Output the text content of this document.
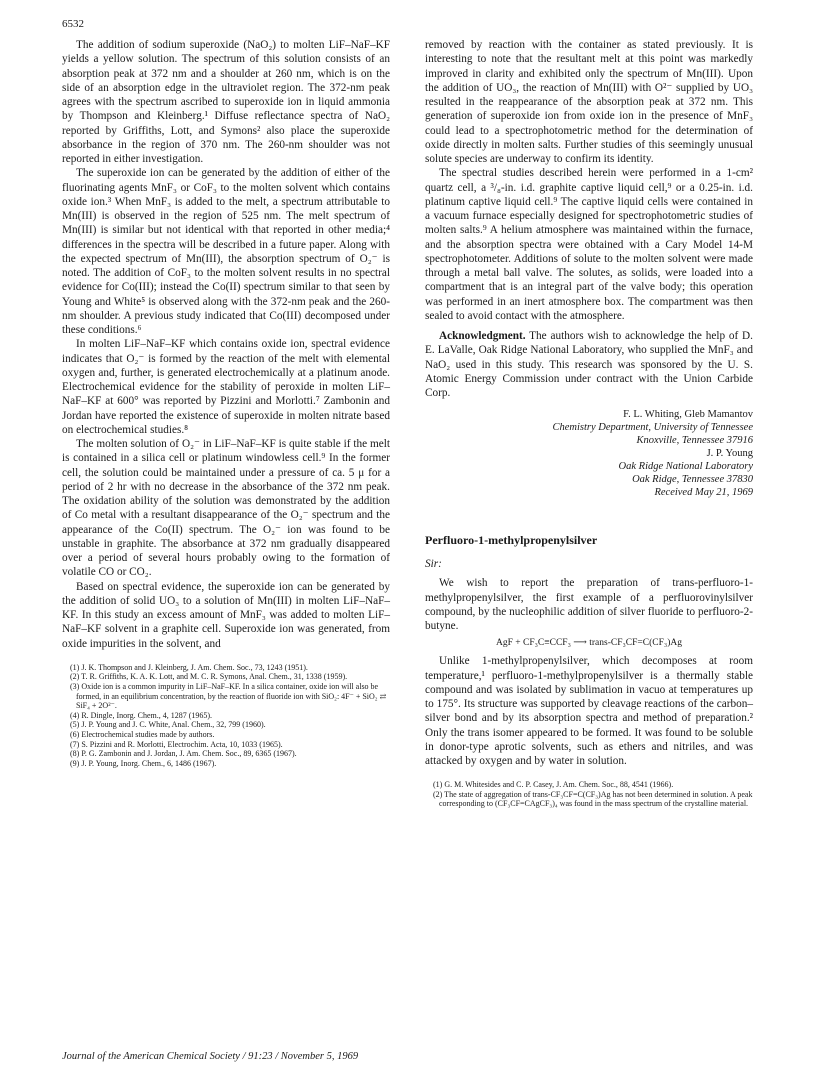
6532

The addition of sodium superoxide (NaO₂) to molten LiF–NaF–KF yields a yellow solution. The spectrum of this solution consists of an absorption peak at 372 nm and a shoulder at 260 nm, which is on the side of an absorption edge in the ultraviolet region. The 372-nm peak agrees with the spectrum ascribed to superoxide ion in liquid ammonia by Thompson and Kleinberg.¹ Diffuse reflectance spectra of NaO₂ reported by Griffiths, Lott, and Symons² also place the superoxide absorbance in the region of 370 nm. The 260-nm shoulder was not reported in either investigation.

The superoxide ion can be generated by the addition of either of the fluorinating agents MnF₃ or CoF₃ to the molten solvent which contains oxide ion.³ When MnF₃ is added to the melt, a spectrum attributable to Mn(III) is observed in the region of 525 nm. The melt spectrum of Mn(III) is similar but not identical with that reported in other media;⁴ differences in the spectra will be described in a future paper. Along with the expected spectrum of Mn(III), the absorption spectrum of O₂⁻ is noted. The addition of CoF₃ to the molten solvent results in no spectral evidence for Co(III); instead the Co(II) spectrum similar to that seen by Young and White⁵ is observed along with the 372-nm peak and the 260-nm shoulder. A previous study indicated that Co(III) decomposed under these conditions.⁶

In molten LiF–NaF–KF which contains oxide ion, spectral evidence indicates that O₂⁻ is formed by the reaction of the melt with elemental oxygen and, further, is generated electrochemically at a platinum anode. Electrochemical evidence for the stability of peroxide in molten LiF–NaF–KF at 600° was reported by Pizzini and Morlotti.⁷ Zambonin and Jordan have reported the existence of superoxide in molten nitrate based on electrochemical studies.⁸

The molten solution of O₂⁻ in LiF–NaF–KF is quite stable if the melt is contained in a silica cell or platinum windowless cell.⁹ In the former cell, the solution could be maintained under a pressure of ca. 5 μ for a period of 2 hr with no decrease in the absorbance of the 372 nm peak. The oxidation ability of the solution was demonstrated by the addition of Co metal with a resultant disappearance of the O₂⁻ spectrum and the appearance of the Co(II) spectrum. The O₂⁻ ion was found to be unstable in graphite. The absorbance at 372 nm gradually disappeared over a period of several hours probably owing to the formation of volatile CO or CO₂.

Based on spectral evidence, the superoxide ion can be generated by the addition of solid UO₃ to a solution of Mn(III) in molten LiF–NaF–KF. In this study an excess amount of MnF₃ was added to molten LiF–NaF–KF solvent in a graphite cell. Superoxide ion was generated, from oxide impurities in the solvent, and

(1) J. K. Thompson and J. Kleinberg, J. Am. Chem. Soc., 73, 1243 (1951).
(2) T. R. Griffiths, K. A. K. Lott, and M. C. R. Symons, Anal. Chem., 31, 1338 (1959).
(3) Oxide ion is a common impurity in LiF–NaF–KF. In a silica container, oxide ion will also be formed, in an equilibrium concentration, by the reaction of fluoride ion with SiO₂: 4F⁻ + SiO₂ ⇄ SiF₄ + 2O²⁻.
(4) R. Dingle, Inorg. Chem., 4, 1287 (1965).
(5) J. P. Young and J. C. White, Anal. Chem., 32, 799 (1960).
(6) Electrochemical studies made by authors.
(7) S. Pizzini and R. Morlotti, Electrochim. Acta, 10, 1033 (1965).
(8) P. G. Zambonin and J. Jordan, J. Am. Chem. Soc., 89, 6365 (1967).
(9) J. P. Young, Inorg. Chem., 6, 1486 (1967).

removed by reaction with the container as stated previously. It is interesting to note that the resultant melt at this point was markedly improved in clarity and exhibited only the spectrum of Mn(III). Upon the addition of UO₃, the reaction of Mn(III) with O²⁻ supplied by UO₃ resulted in the reappearance of the absorption peak at 372 nm. This generation of superoxide ion from oxide ion in the presence of MnF₃ could lead to a spectrophotometric method for the determination of oxide directly in molten salts. Further studies of this seemingly unusual solute species are underway to confirm its identity.

The spectral studies described herein were performed in a 1-cm² quartz cell, a ³/₈-in. i.d. graphite captive liquid cell,⁹ or a 0.25-in. i.d. platinum captive liquid cell.⁹ The captive liquid cells were contained in a vacuum furnace especially designed for spectrophotometric studies of molten salts.⁹ A helium atmosphere was maintained within the furnace, and the absorption spectra were obtained with a Cary Model 14-M spectrophotometer. Additions of solute to the molten solvent were made through a metal ball valve. The solutes, as solids, were loaded into a compartment that is an integral part of the valve body; this operation was performed in an inert atmosphere box. The compartment was then sealed to avoid contact with the atmosphere.

Acknowledgment. The authors wish to acknowledge the help of D. E. LaValle, Oak Ridge National Laboratory, who supplied the MnF₃ and NaO₂ used in this study. This research was sponsored by the U. S. Atomic Energy Commission under contract with the Union Carbide Corp.

F. L. Whiting, Gleb Mamantov
Chemistry Department, University of Tennessee
Knoxville, Tennessee 37916
J. P. Young
Oak Ridge National Laboratory
Oak Ridge, Tennessee 37830
Received May 21, 1969
Perfluoro-1-methylpropenylsilver
Sir:

We wish to report the preparation of trans-perfluoro-1-methylpropenylsilver, the first example of a perfluorovinylsilver compound, by the nucleophilic addition of silver fluoride to perfluoro-2-butyne.

AgF + CF₃C≡CCF₃ ⟶ trans-CF₃CF=C(CF₃)Ag

Unlike 1-methylpropenylsilver, which decomposes at room temperature,¹ perfluoro-1-methylpropenylsilver is a thermally stable compound and was isolated by sublimation in vacuo at temperatures up to 175°. Its structure was supported by cleavage reactions of the carbon–silver bond and by its absorption spectra and method of preparation.² Only the trans isomer appeared to be formed. It was found to be soluble in donor-type aprotic solvents, such as ethers and nitriles, and was attacked by oxygen and by water in solution.

(1) G. M. Whitesides and C. P. Casey, J. Am. Chem. Soc., 88, 4541 (1966).
(2) The state of aggregation of trans-CF₃CF=C(CF₃)Ag has not been determined in solution. A peak corresponding to (CF₃CF=CAgCF₃)₄ was found in the mass spectrum of the crystalline material.
Journal of the American Chemical Society / 91:23 / November 5, 1969
